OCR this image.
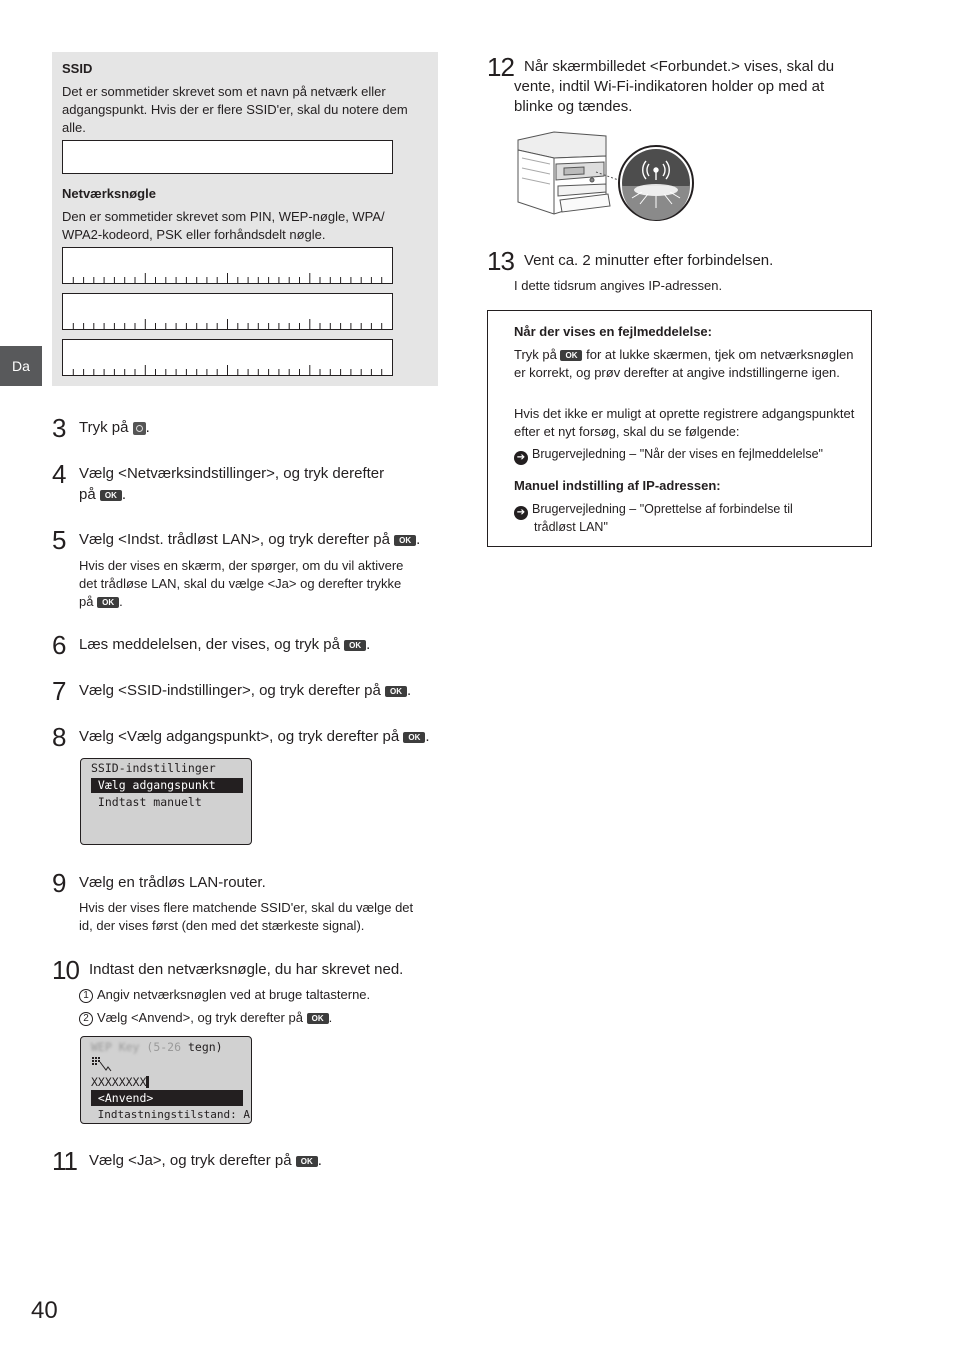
SSID
Det er sommetider skrevet som et navn på netværk eller adgangspunkt. Hvis der er flere SSID'er, skal du notere dem alle.
Netværksnøgle
Den er sommetider skrevet som PIN, WEP-nøgle, WPA/ WPA2-kodeord, PSK eller forhåndsdelt nøgle.
Da
3 Tryk på .
4 Vælg <Netværksindstillinger>, og tryk derefter
på OK .
5 Vælg <Indst. trådløst LAN>, og tryk derefter på OK .
Hvis der vises en skærm, der spørger, om du vil aktivere
det trådløse LAN, skal du vælge <Ja> og derefter trykke
på OK .
6 Læs meddelelsen, der vises, og tryk på OK .
7 Vælg <SSID-indstillinger>, og tryk derefter på OK .
8 Vælg <Vælg adgangspunkt>, og tryk derefter på OK .
SSID-indstillinger
Vælg adgangspunkt
Indtast manuelt
9 Vælg en trådløs LAN-router.
Hvis der vises flere matchende SSID'er, skal du vælge det
id, der vises først (den med det stærkeste signal).
10 Indtast den netværksnøgle, du har skrevet ned.
1 Angiv netværksnøglen ved at bruge taltasterne.
2 Vælg <Anvend>, og tryk derefter på OK .
WEP Key (5-26 tegn)
XXXXXXXX
<Anvend>
Indtastningstilstand: A
11 Vælg <Ja>, og tryk derefter på OK .
12 Når skærmbilledet <Forbundet.> vises, skal du
vente, indtil Wi-Fi-indikatoren holder op med at
blinke og tændes.
13 Vent ca. 2 minutter efter forbindelsen.
I dette tidsrum angives IP-adressen.
Når der vises en fejlmeddelelse:
Tryk på OK for at lukke skærmen, tjek om netværksnøglen er korrekt, og prøv derefter at angive indstillingerne igen.
Hvis det ikke er muligt at oprette registrere adgangspunktet efter et nyt forsøg, skal du se følgende:
➔ Brugervejledning – "Når der vises en fejlmeddelelse"
Manuel indstilling af IP-adressen:
➔ Brugervejledning – "Oprettelse af forbindelse til
trådløst LAN"
40
